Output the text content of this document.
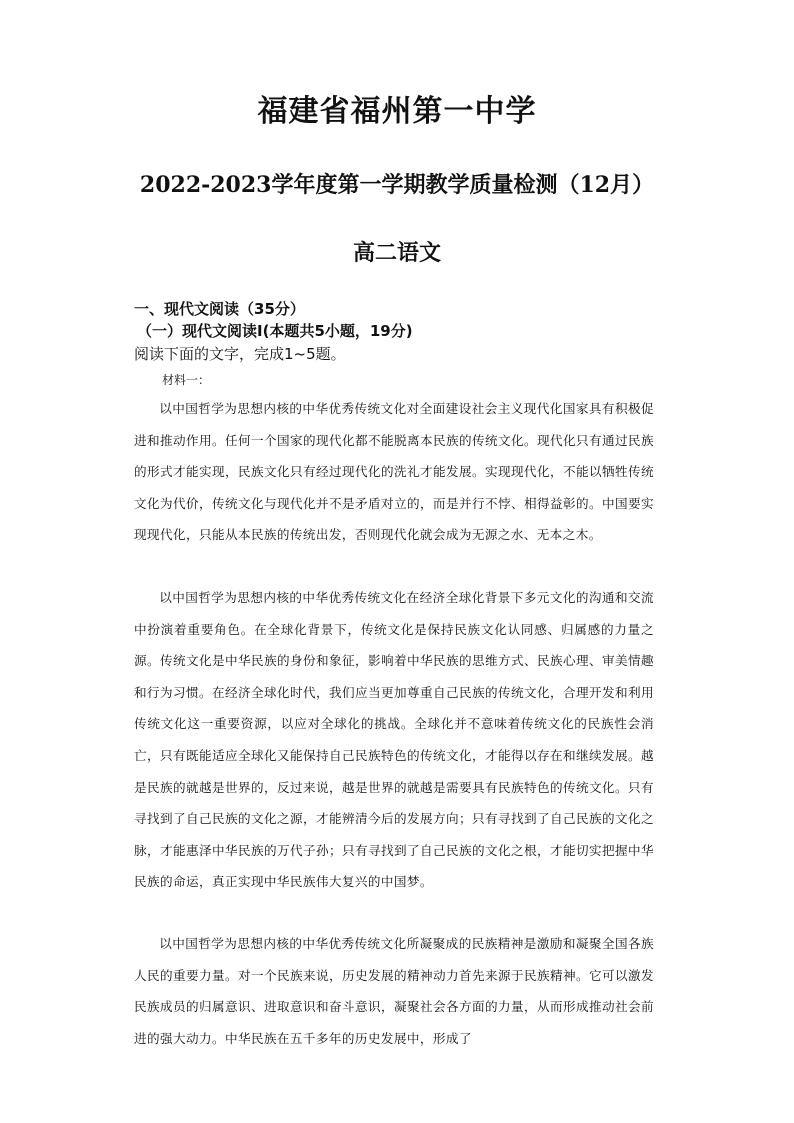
福建省福州第一中学
2022-2023学年度第一学期教学质量检测（12月）
高二语文
一、现代文阅读（35分）
（一）现代文阅读Ⅰ(本题共5小题，19分)
阅读下面的文字，完成1~5题。
材料一：

以中国哲学为思想内核的中华优秀传统文化对全面建设社会主义现代化国家具有积极促进和推动作用。任何一个国家的现代化都不能脱离本民族的传统文化。现代化只有通过民族的形式才能实现，民族文化只有经过现代化的洗礼才能发展。实现现代化，不能以牺牲传统文化为代价，传统文化与现代化并不是矛盾对立的，而是并行不悖、相得益彰的。中国要实现现代化，只能从本民族的传统出发，否则现代化就会成为无源之水、无本之木。

以中国哲学为思想内核的中华优秀传统文化在经济全球化背景下多元文化的沟通和交流中扮演着重要角色。在全球化背景下，传统文化是保持民族文化认同感、归属感的力量之源。传统文化是中华民族的身份和象征，影响着中华民族的思维方式、民族心理、审美情趣和行为习惯。在经济全球化时代，我们应当更加尊重自己民族的传统文化，合理开发和利用传统文化这一重要资源，以应对全球化的挑战。全球化并不意味着传统文化的民族性会消亡，只有既能适应全球化又能保持自己民族特色的传统文化，才能得以存在和继续发展。越是民族的就越是世界的，反过来说，越是世界的就越是需要具有民族特色的传统文化。只有寻找到了自己民族的文化之源，才能辨清今后的发展方向；只有寻找到了自己民族的文化之脉，才能惠泽中华民族的万代子孙；只有寻找到了自己民族的文化之根，才能切实把握中华民族的命运，真正实现中华民族伟大复兴的中国梦。

以中国哲学为思想内核的中华优秀传统文化所凝聚成的民族精神是激励和凝聚全国各族人民的重要力量。对一个民族来说，历史发展的精神动力首先来源于民族精神。它可以激发民族成员的归属意识、进取意识和奋斗意识，凝聚社会各方面的力量，从而形成推动社会前进的强大动力。中华民族在五千多年的历史发展中，形成了
